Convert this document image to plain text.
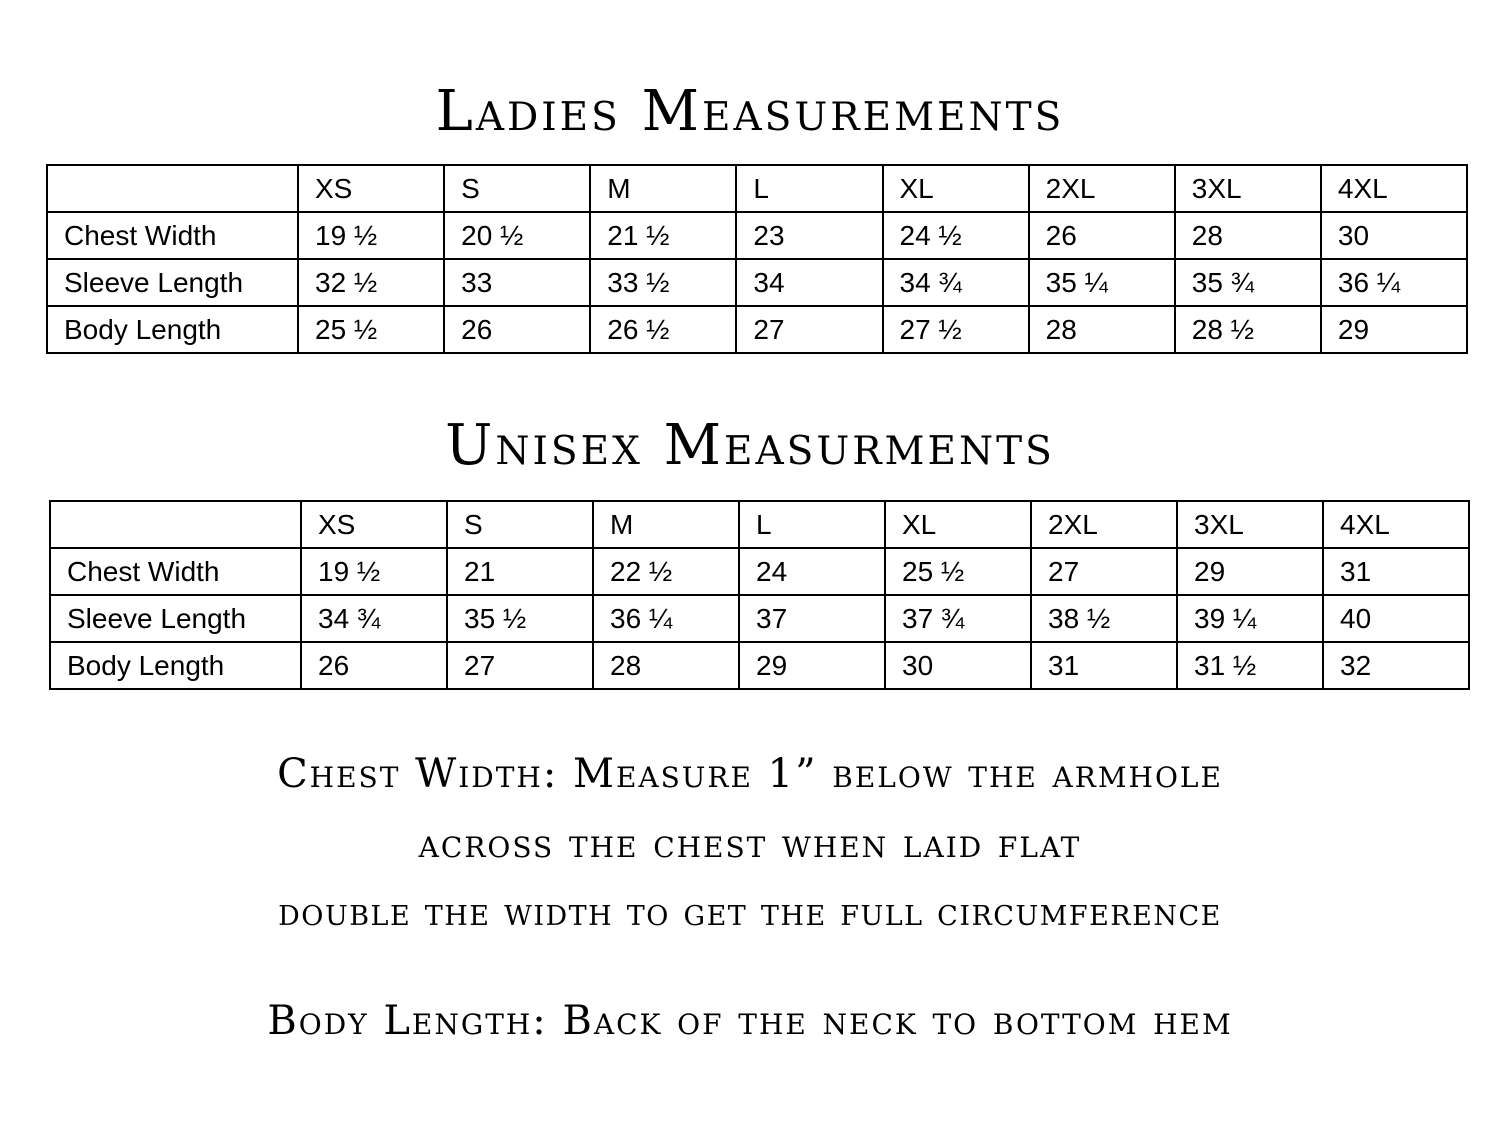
Ladies Measurements
	XS	S	M	L	XL	2XL	3XL	4XL
Chest Width	19 ½	20 ½	21 ½	23	24 ½	26	28	30
Sleeve Length	32 ½	33	33 ½	34	34 ¾	35 ¼	35 ¾	36 ¼
Body Length	25 ½	26	26 ½	27	27 ½	28	28 ½	29
Unisex Measurments
	XS	S	M	L	XL	2XL	3XL	4XL
Chest Width	19 ½	21	22 ½	24	25 ½	27	29	31
Sleeve Length	34 ¾	35 ½	36 ¼	37	37 ¾	38 ½	39 ¼	40
Body Length	26	27	28	29	30	31	31 ½	32

Chest Width: Measure 1” below the armhole

across the chest when laid flat

double the width to get the full circumference

Body Length: Back of the neck to bottom hem
